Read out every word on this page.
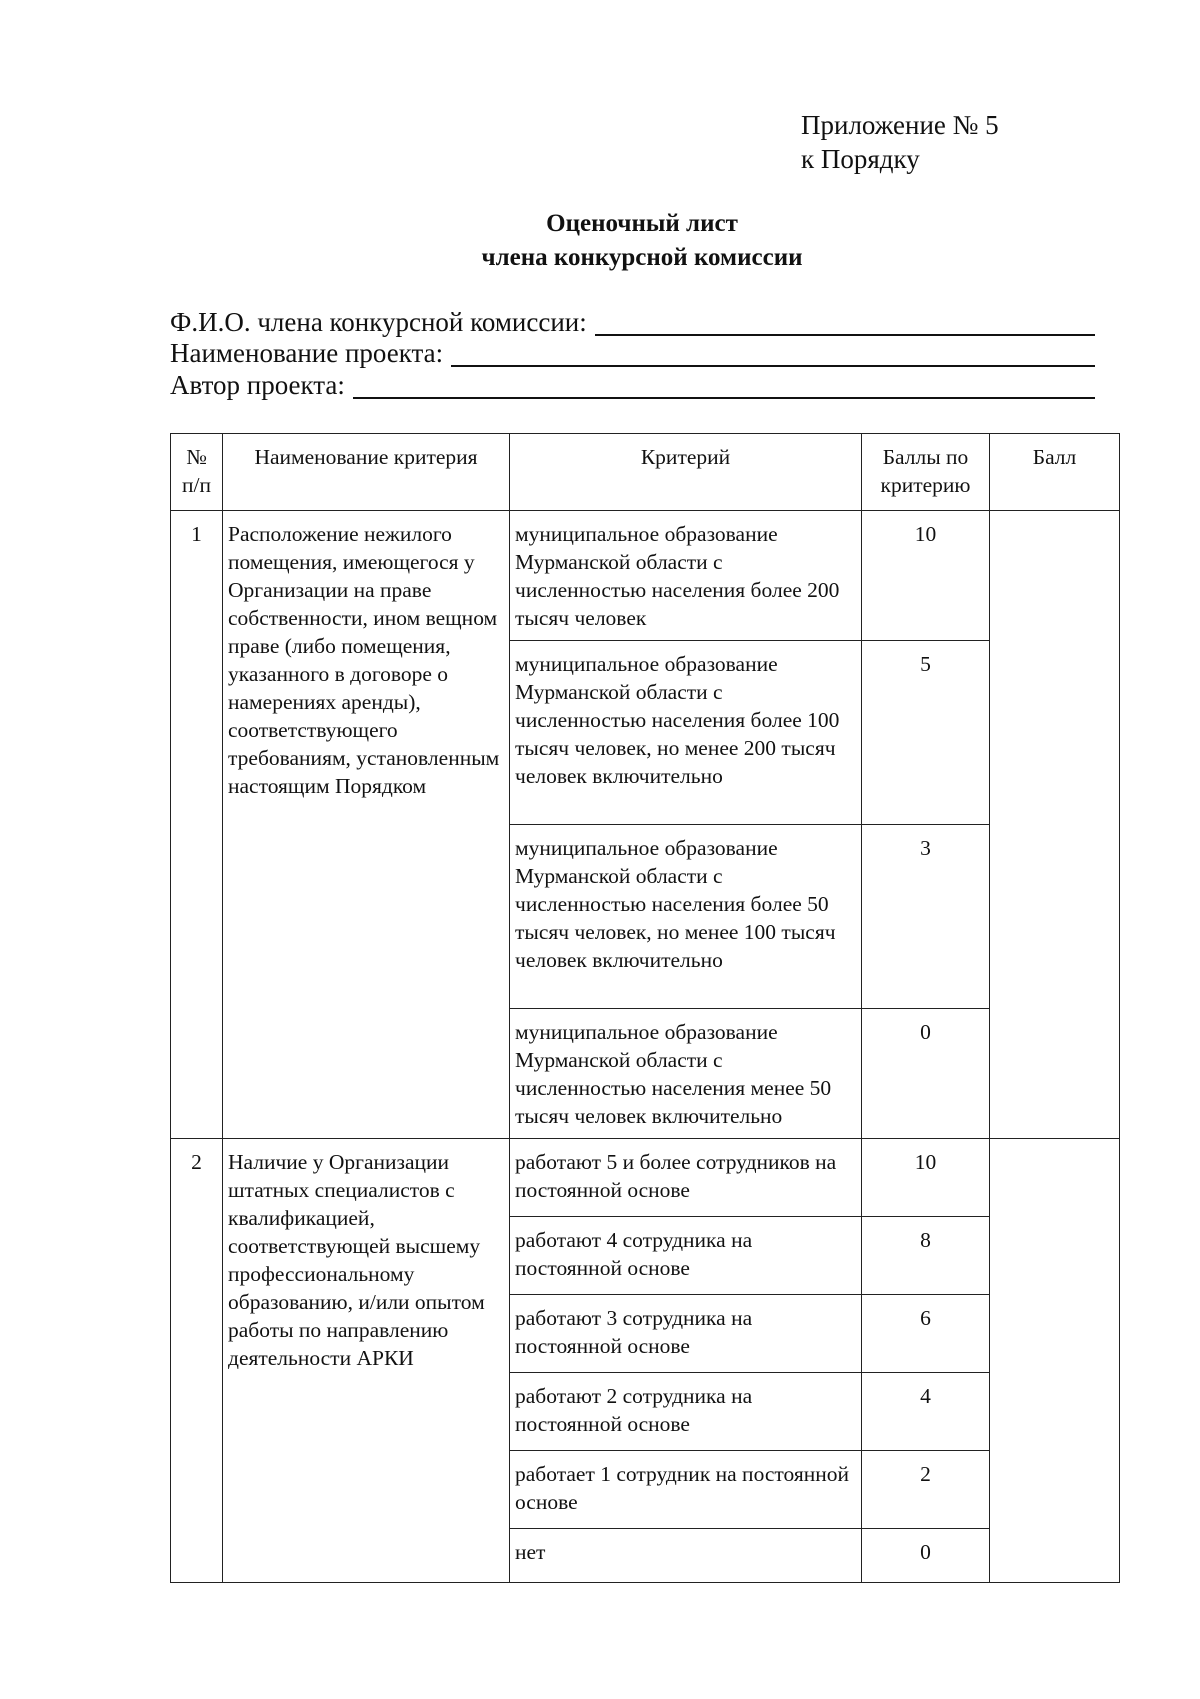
Приложение № 5
к Порядку
Оценочный лист
члена конкурсной комиссии
Ф.И.О. члена конкурсной комиссии:
Наименование проекта:
Автор проекта:
№ п/п	Наименование критерия	Критерий	Баллы по критерию	Балл
1	Расположение нежилого помещения, имеющегося у Организации на праве собственности, ином вещном праве (либо помещения, указанного в договоре о намерениях аренды), соответствующего требованиям, установленным настоящим Порядком	муниципальное образование Мурманской области с численностью населения более 200 тысяч человек	10	
		муниципальное образование Мурманской области с численностью населения более 100 тысяч человек, но менее 200 тысяч человек включительно	5	
		муниципальное образование Мурманской области с численностью населения более 50 тысяч человек, но менее 100 тысяч человек включительно	3	
		муниципальное образование Мурманской области с численностью населения менее 50 тысяч человек включительно	0	
2	Наличие у Организации штатных специалистов с квалификацией, соответствующей высшему профессиональному образованию, и/или опытом работы по направлению деятельности АРКИ	работают 5 и более сотрудников на постоянной основе	10	
		работают 4 сотрудника на постоянной основе	8	
		работают 3 сотрудника на постоянной основе	6	
		работают 2 сотрудника на постоянной основе	4	
		работает 1 сотрудник на постоянной основе	2	
		нет	0	
